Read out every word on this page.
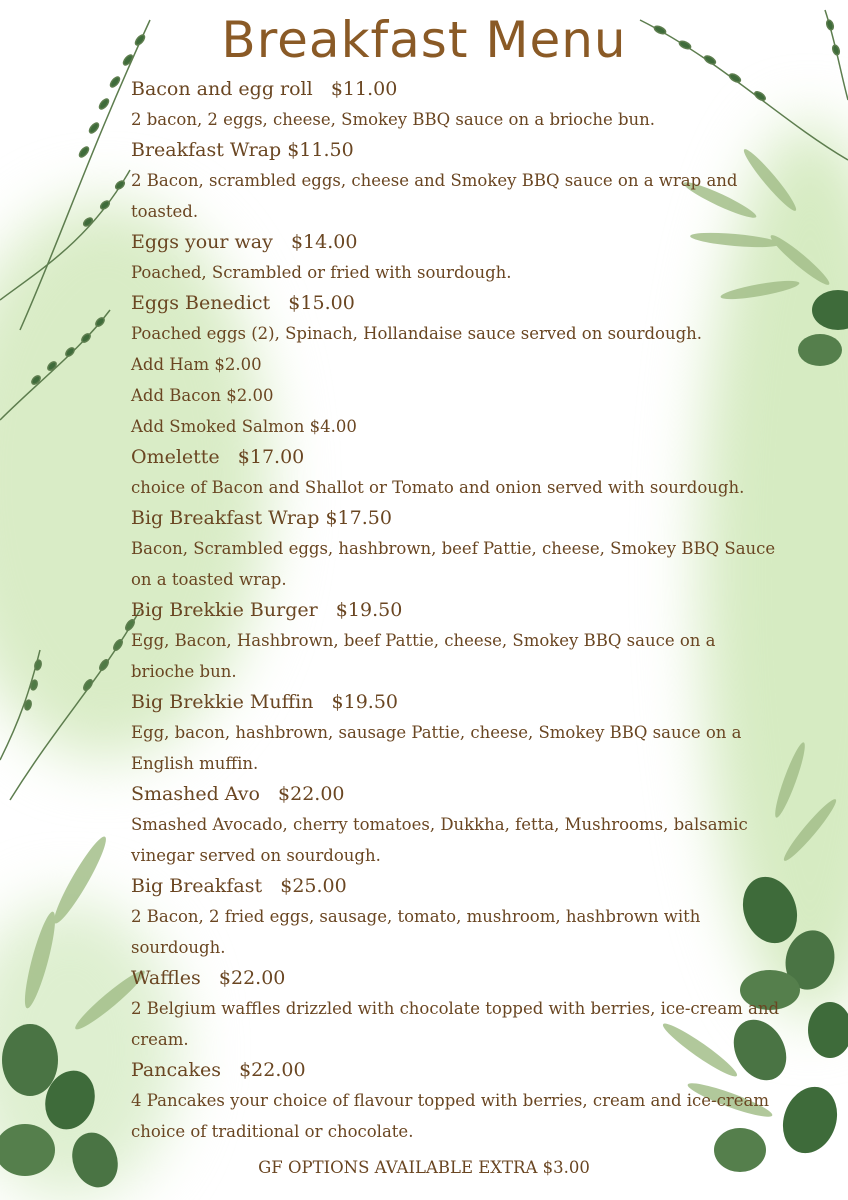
Breakfast Menu

Bacon and egg roll   $11.00

2 bacon, 2 eggs, cheese, Smokey BBQ sauce on a brioche bun.

Breakfast Wrap $11.50

2 Bacon, scrambled eggs, cheese and Smokey BBQ sauce on a wrap and toasted.

Eggs your way   $14.00

Poached, Scrambled or fried with sourdough.

Eggs Benedict   $15.00

Poached eggs (2), Spinach, Hollandaise sauce served on sourdough.

Add Ham $2.00

Add Bacon $2.00

Add Smoked Salmon $4.00

Omelette   $17.00

choice of Bacon and Shallot or Tomato and onion served with sourdough.

Big Breakfast Wrap $17.50

Bacon, Scrambled eggs, hashbrown, beef Pattie, cheese, Smokey BBQ Sauce on a toasted wrap.

Big Brekkie Burger   $19.50

Egg, Bacon, Hashbrown, beef Pattie, cheese, Smokey BBQ sauce on a brioche bun.

Big Brekkie Muffin   $19.50

Egg, bacon, hashbrown, sausage Pattie, cheese, Smokey BBQ sauce on a English muffin.

Smashed Avo   $22.00

Smashed Avocado, cherry tomatoes, Dukkha, fetta, Mushrooms, balsamic vinegar served on sourdough.

Big Breakfast   $25.00

2 Bacon, 2 fried eggs, sausage, tomato, mushroom, hashbrown with sourdough.

Waffles   $22.00

2 Belgium waffles drizzled with chocolate topped with berries, ice-cream and cream.

Pancakes   $22.00

4 Pancakes your choice of flavour topped with berries, cream and ice-cream choice of traditional or chocolate.

GF OPTIONS AVAILABLE EXTRA $3.00
